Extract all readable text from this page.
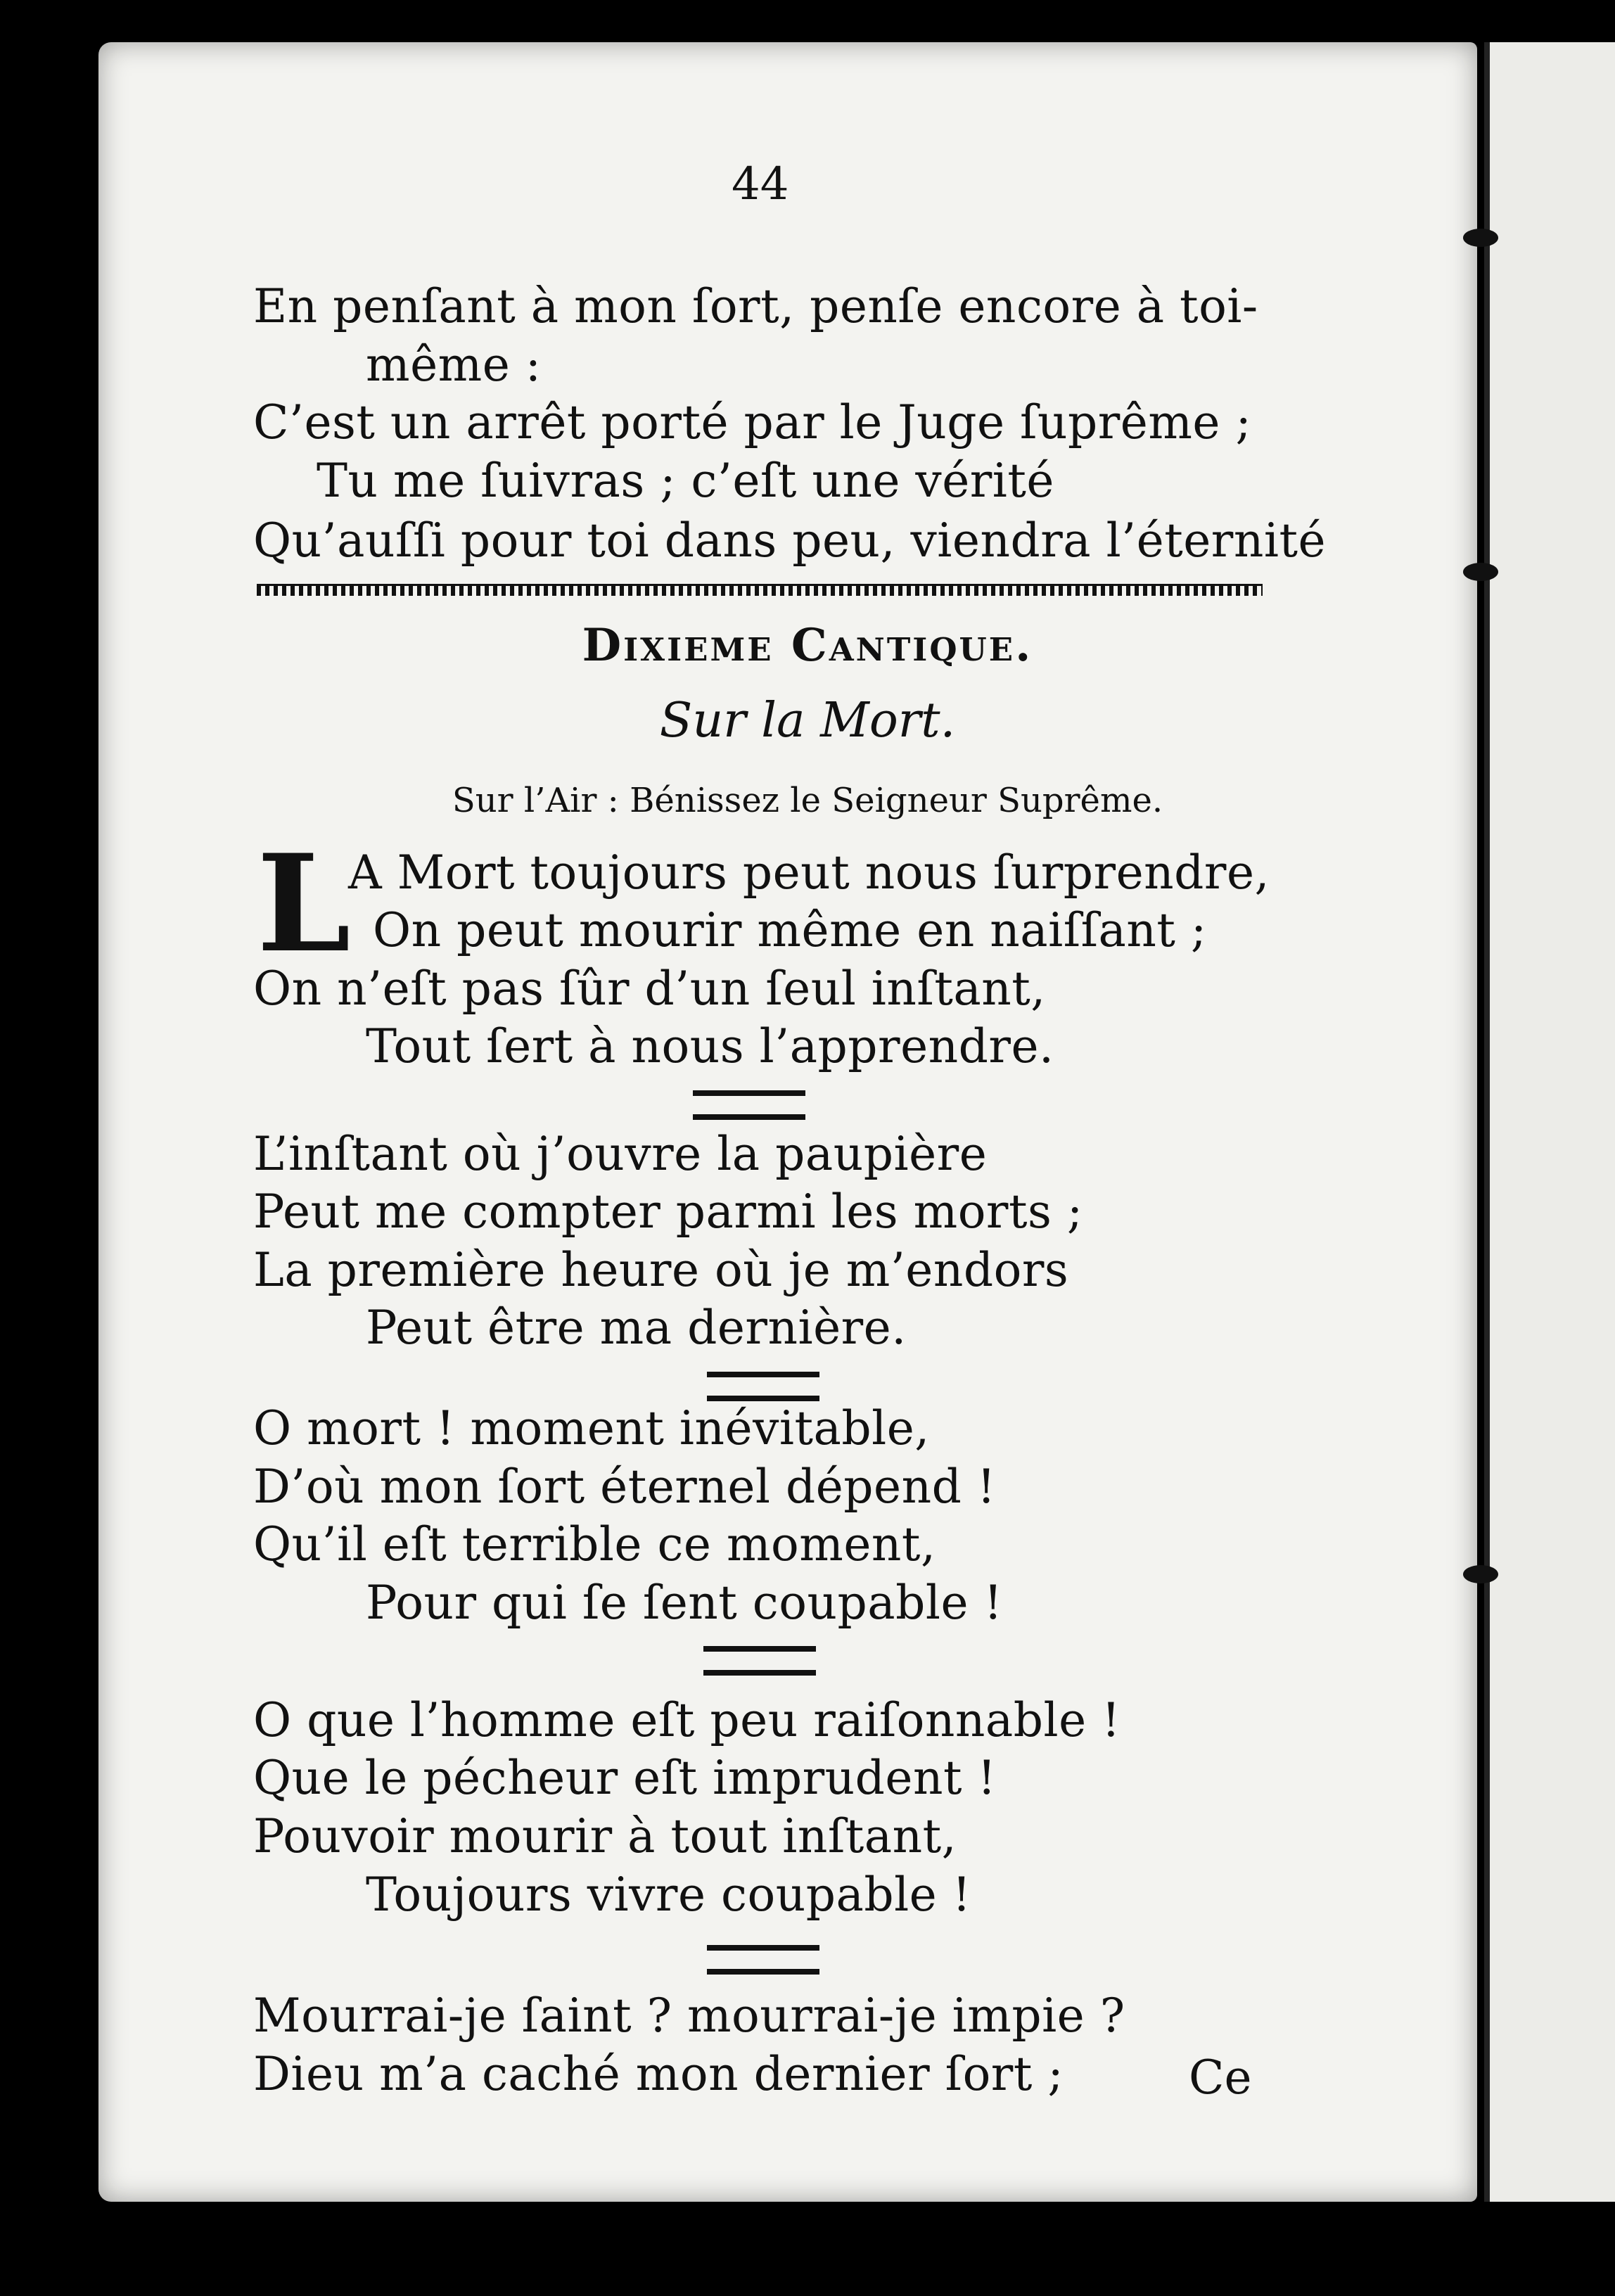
44
En penſant à mon ſort, penſe encore à toi-
même :
C’est un arrêt porté par le Juge ſuprême ;
Tu me ſuivras ; c’eſt une vérité
Qu’auſſi pour toi dans peu, viendra l’éternité
Dixieme Cantique.
Sur la Mort.
Sur l’Air : Bénissez le Seigneur Suprême.
L
A Mort toujours peut nous ſurprendre,
On peut mourir même en naiſſant ;
On n’eſt pas ſûr d’un ſeul inſtant,
Tout ſert à nous l’apprendre.
L’inſtant où j’ouvre la paupière
Peut me compter parmi les morts ;
La première heure où je m’endors
Peut être ma dernière.
O mort ! moment inévitable,
D’où mon ſort éternel dépend !
Qu’il eſt terrible ce moment,
Pour qui ſe ſent coupable !
O que l’homme eſt peu raiſonnable !
Que le pécheur eſt imprudent !
Pouvoir mourir à tout inſtant,
Toujours vivre coupable !
Mourrai-je ſaint ? mourrai-je impie ?
Dieu m’a caché mon dernier ſort ;	Ce
